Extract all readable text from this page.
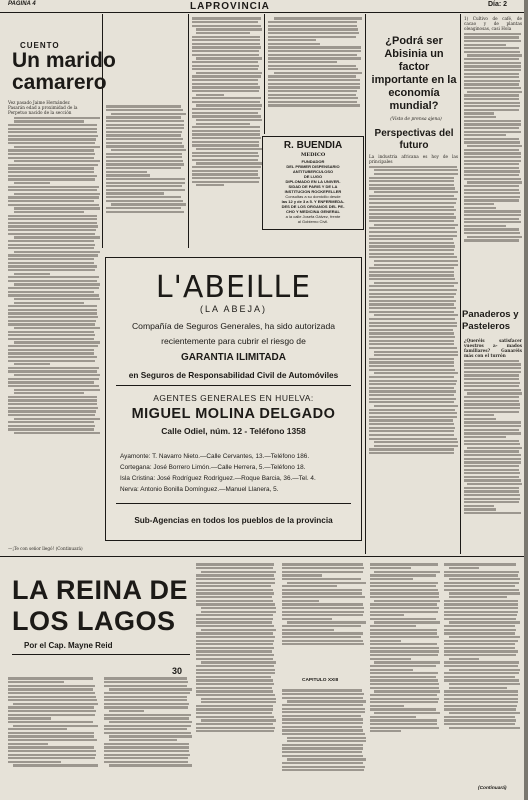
PAGINA 4	LAPROVINCIA	Día: 2
CUENTO
Un marido camarero
Vez pasado Jaime Hernández
Pasarán edad a proximidad de la
Perpetuo nacido de la sección
—¡Te con señor llegó! (Continuará)
R. BUENDIA
MEDICO
FUNDADOR
DEL PRIMER DISPENSARIO
ANTITUBERCULOSO
DE LUGO
DIPLOMADO EN LA UNIVER-
SIDAD DE PARIS Y DE LA
INSTITUCION ROCKEFELLER
Consultas a su domicilio desde
las 12 y de 3 a 5. Y ENFERMEDA-
DES DE LOS ORGANOS DEL PE-
CHO Y MEDICINA GENERAL
a la calle Josefa Gálvez, frente
al Gobierno Civil.
L'ABEILLE
(LA ABEJA)
Compañía de Seguros Generales, ha sido autorizada
recientemente para cubrir el riesgo de
GARANTIA ILIMITADA
en Seguros de Responsabilidad Civil de Automóviles
AGENTES GENERALES EN HUELVA:
MIGUEL MOLINA DELGADO
Calle Odiel, núm. 12 - Teléfono 1358
Ayamonte: T. Navarro Nieto.—Calle Cervantes, 13.—Teléfono 186.
Cortegana: José Borrero Limón.—Calle Herrera, 5.—Teléfono 18.
Isla Cristina: José Rodríguez Rodríguez.—Roque Barcia, 36.—Tel. 4.
Nerva: Antonio Bonilla Domínguez.—Manuel Llanera, 5.
Sub-Agencias en todos los pueblos de la provincia
¿Podrá ser Abisinia un factor importante en la economía mundial?
(Visto de prensa ajena)
Perspectivas del futuro
La industria africana es hoy de las principales
1) Cultivo de café, de cacao y de plantas oleaginosas, casi Hola
Panaderos y Pasteleros
¿Queréis satisfacer vuestros a- mados familiares? Ganaréis más con el turrón
LA REINA DE LOS LAGOS
Por el Cap. Mayne Reid
30
CAPITULO XXIII
(Continuará)
